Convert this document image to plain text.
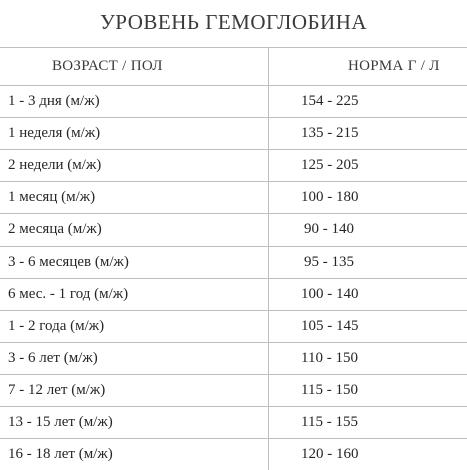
УРОВЕНЬ ГЕМОГЛОБИНА
ВОЗРАСТ / ПОЛ	НОРМА Г / Л
1 - 3 дня (м/ж)	154 - 225
1 неделя (м/ж)	135 - 215
2 недели (м/ж)	125 - 205
1 месяц (м/ж)	100 - 180
2 месяца (м/ж)	90 - 140
3 - 6 месяцев (м/ж)	95 - 135
6 мес. - 1 год (м/ж)	100 - 140
1 - 2 года (м/ж)	105 - 145
3 - 6 лет (м/ж)	110 - 150
7 - 12 лет (м/ж)	115 - 150
13 - 15 лет (м/ж)	115 - 155
16 - 18 лет (м/ж)	120 - 160
